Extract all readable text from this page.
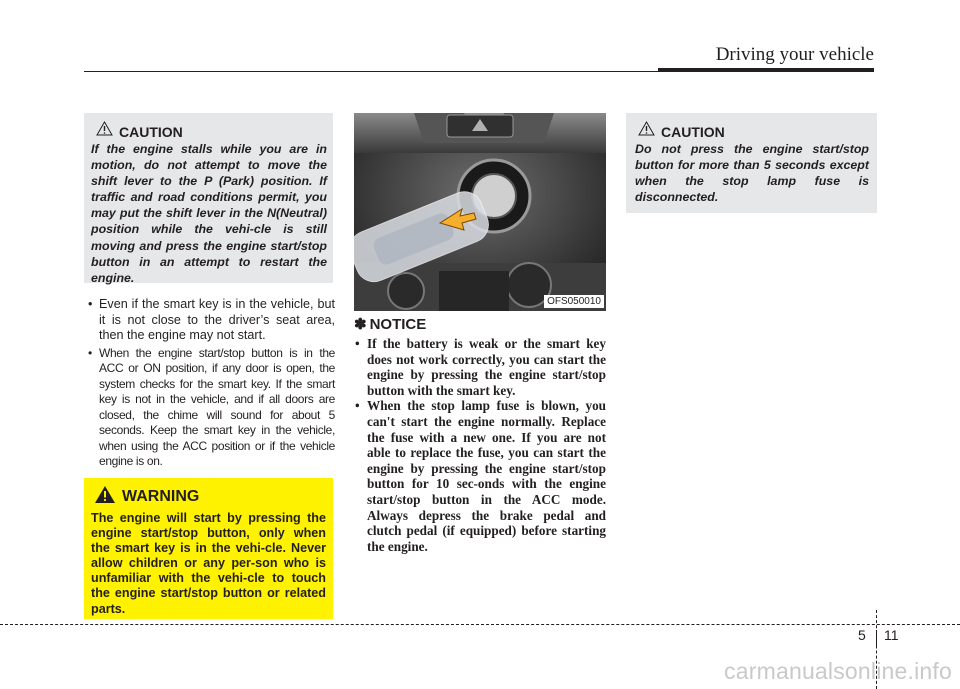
Driving your vehicle
CAUTION
If the engine stalls while you are in motion, do not attempt to move the shift lever to the P (Park) position. If traffic and road conditions permit, you may put the shift lever in the N(Neutral) position while the vehi-cle is still moving and press the engine start/stop button in an attempt to restart the engine.
• Even if the smart key is in the vehicle, but it is not close to the driver’s seat area, then the engine may not start.
• When the engine start/stop button is in the ACC or ON position, if any door is open, the system checks for the smart key. If the smart key is not in the vehicle, and if all doors are closed, the chime will sound for about 5 seconds. Keep the smart key in the vehicle, when using the ACC position or if the vehicle engine is on.
WARNING
The engine will start by pressing the engine start/stop button, only when the smart key is in the vehi-cle. Never allow children or any per-son who is unfamiliar with the vehi-cle to touch the engine start/stop button or related parts.
OFS050010
✽ NOTICE
• If the battery is weak or the smart key does not work correctly, you can start the engine by pressing the engine start/stop button with the smart key.
• When the stop lamp fuse is blown, you can't start the engine normally. Replace the fuse with a new one. If you are not able to replace the fuse, you can start the engine by pressing the engine start/stop button for 10 sec-onds with the engine start/stop button in the ACC mode. Always depress the brake pedal and clutch pedal (if equipped) before starting the engine.
CAUTION
Do not press the engine start/stop button for more than 5 seconds except when the stop lamp fuse is disconnected.
5 11
carmanualsonline.info
